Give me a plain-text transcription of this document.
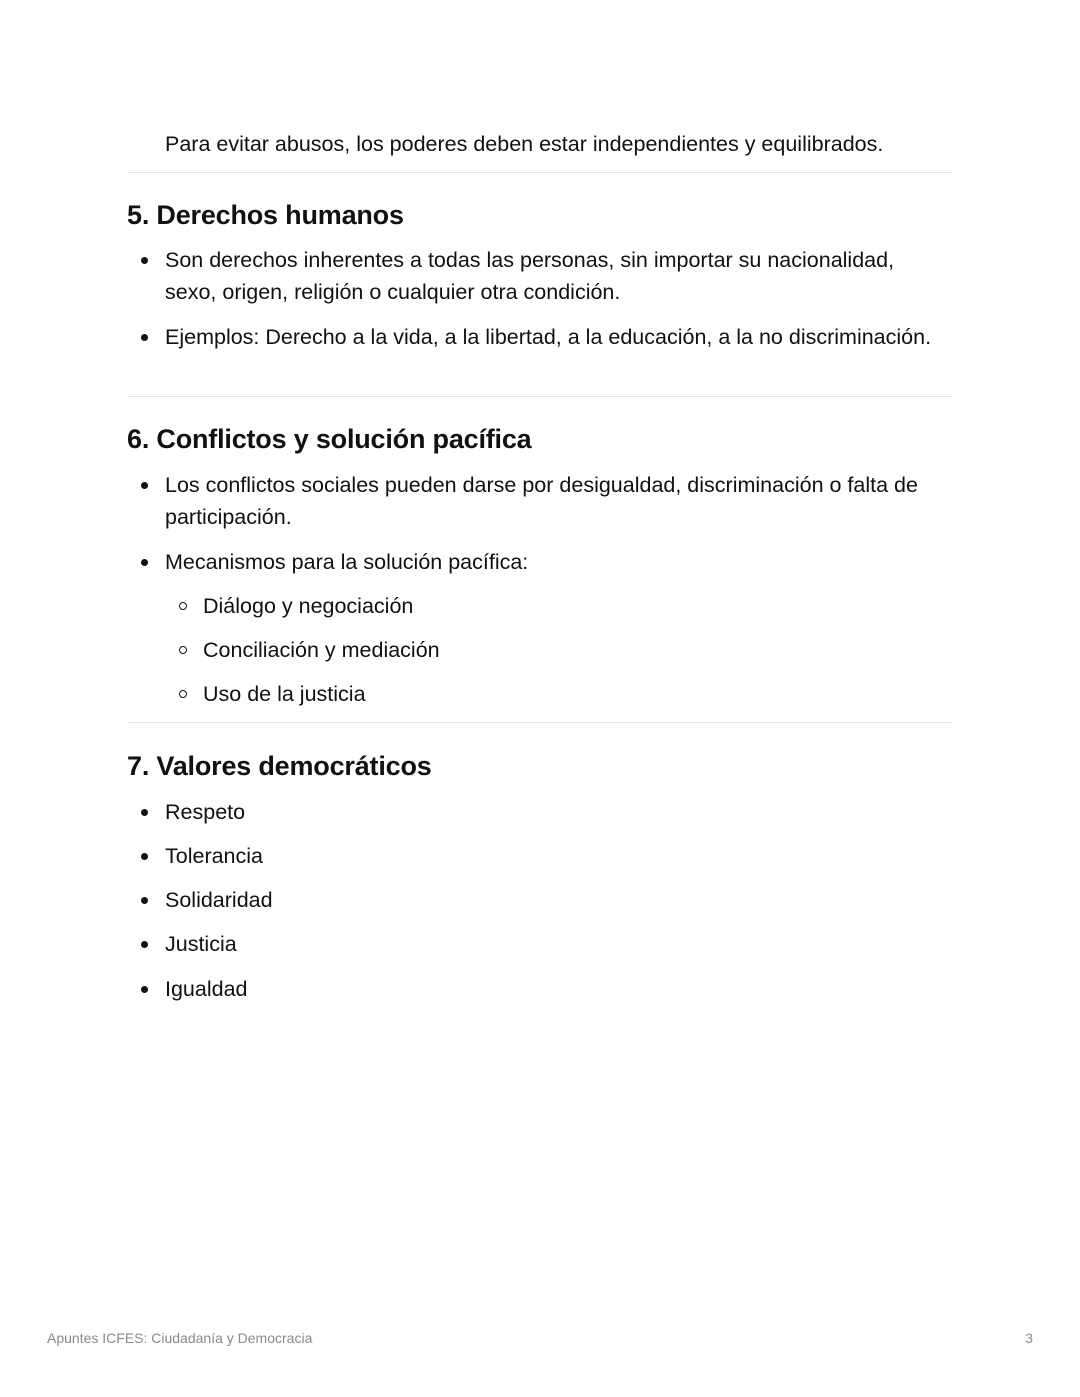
Para evitar abusos, los poderes deben estar independientes y equilibrados.

5. Derechos humanos
Son derechos inherentes a todas las personas, sin importar su nacionalidad, sexo, origen, religión o cualquier otra condición.
Ejemplos: Derecho a la vida, a la libertad, a la educación, a la no discriminación.
6. Conflictos y solución pacífica
Los conflictos sociales pueden darse por desigualdad, discriminación o falta de participación.
Mecanismos para la solución pacífica:
Diálogo y negociación
Conciliación y mediación
Uso de la justicia
7. Valores democráticos
Respeto
Tolerancia
Solidaridad
Justicia
Igualdad
Apuntes ICFES: Ciudadanía y Democracia	3
